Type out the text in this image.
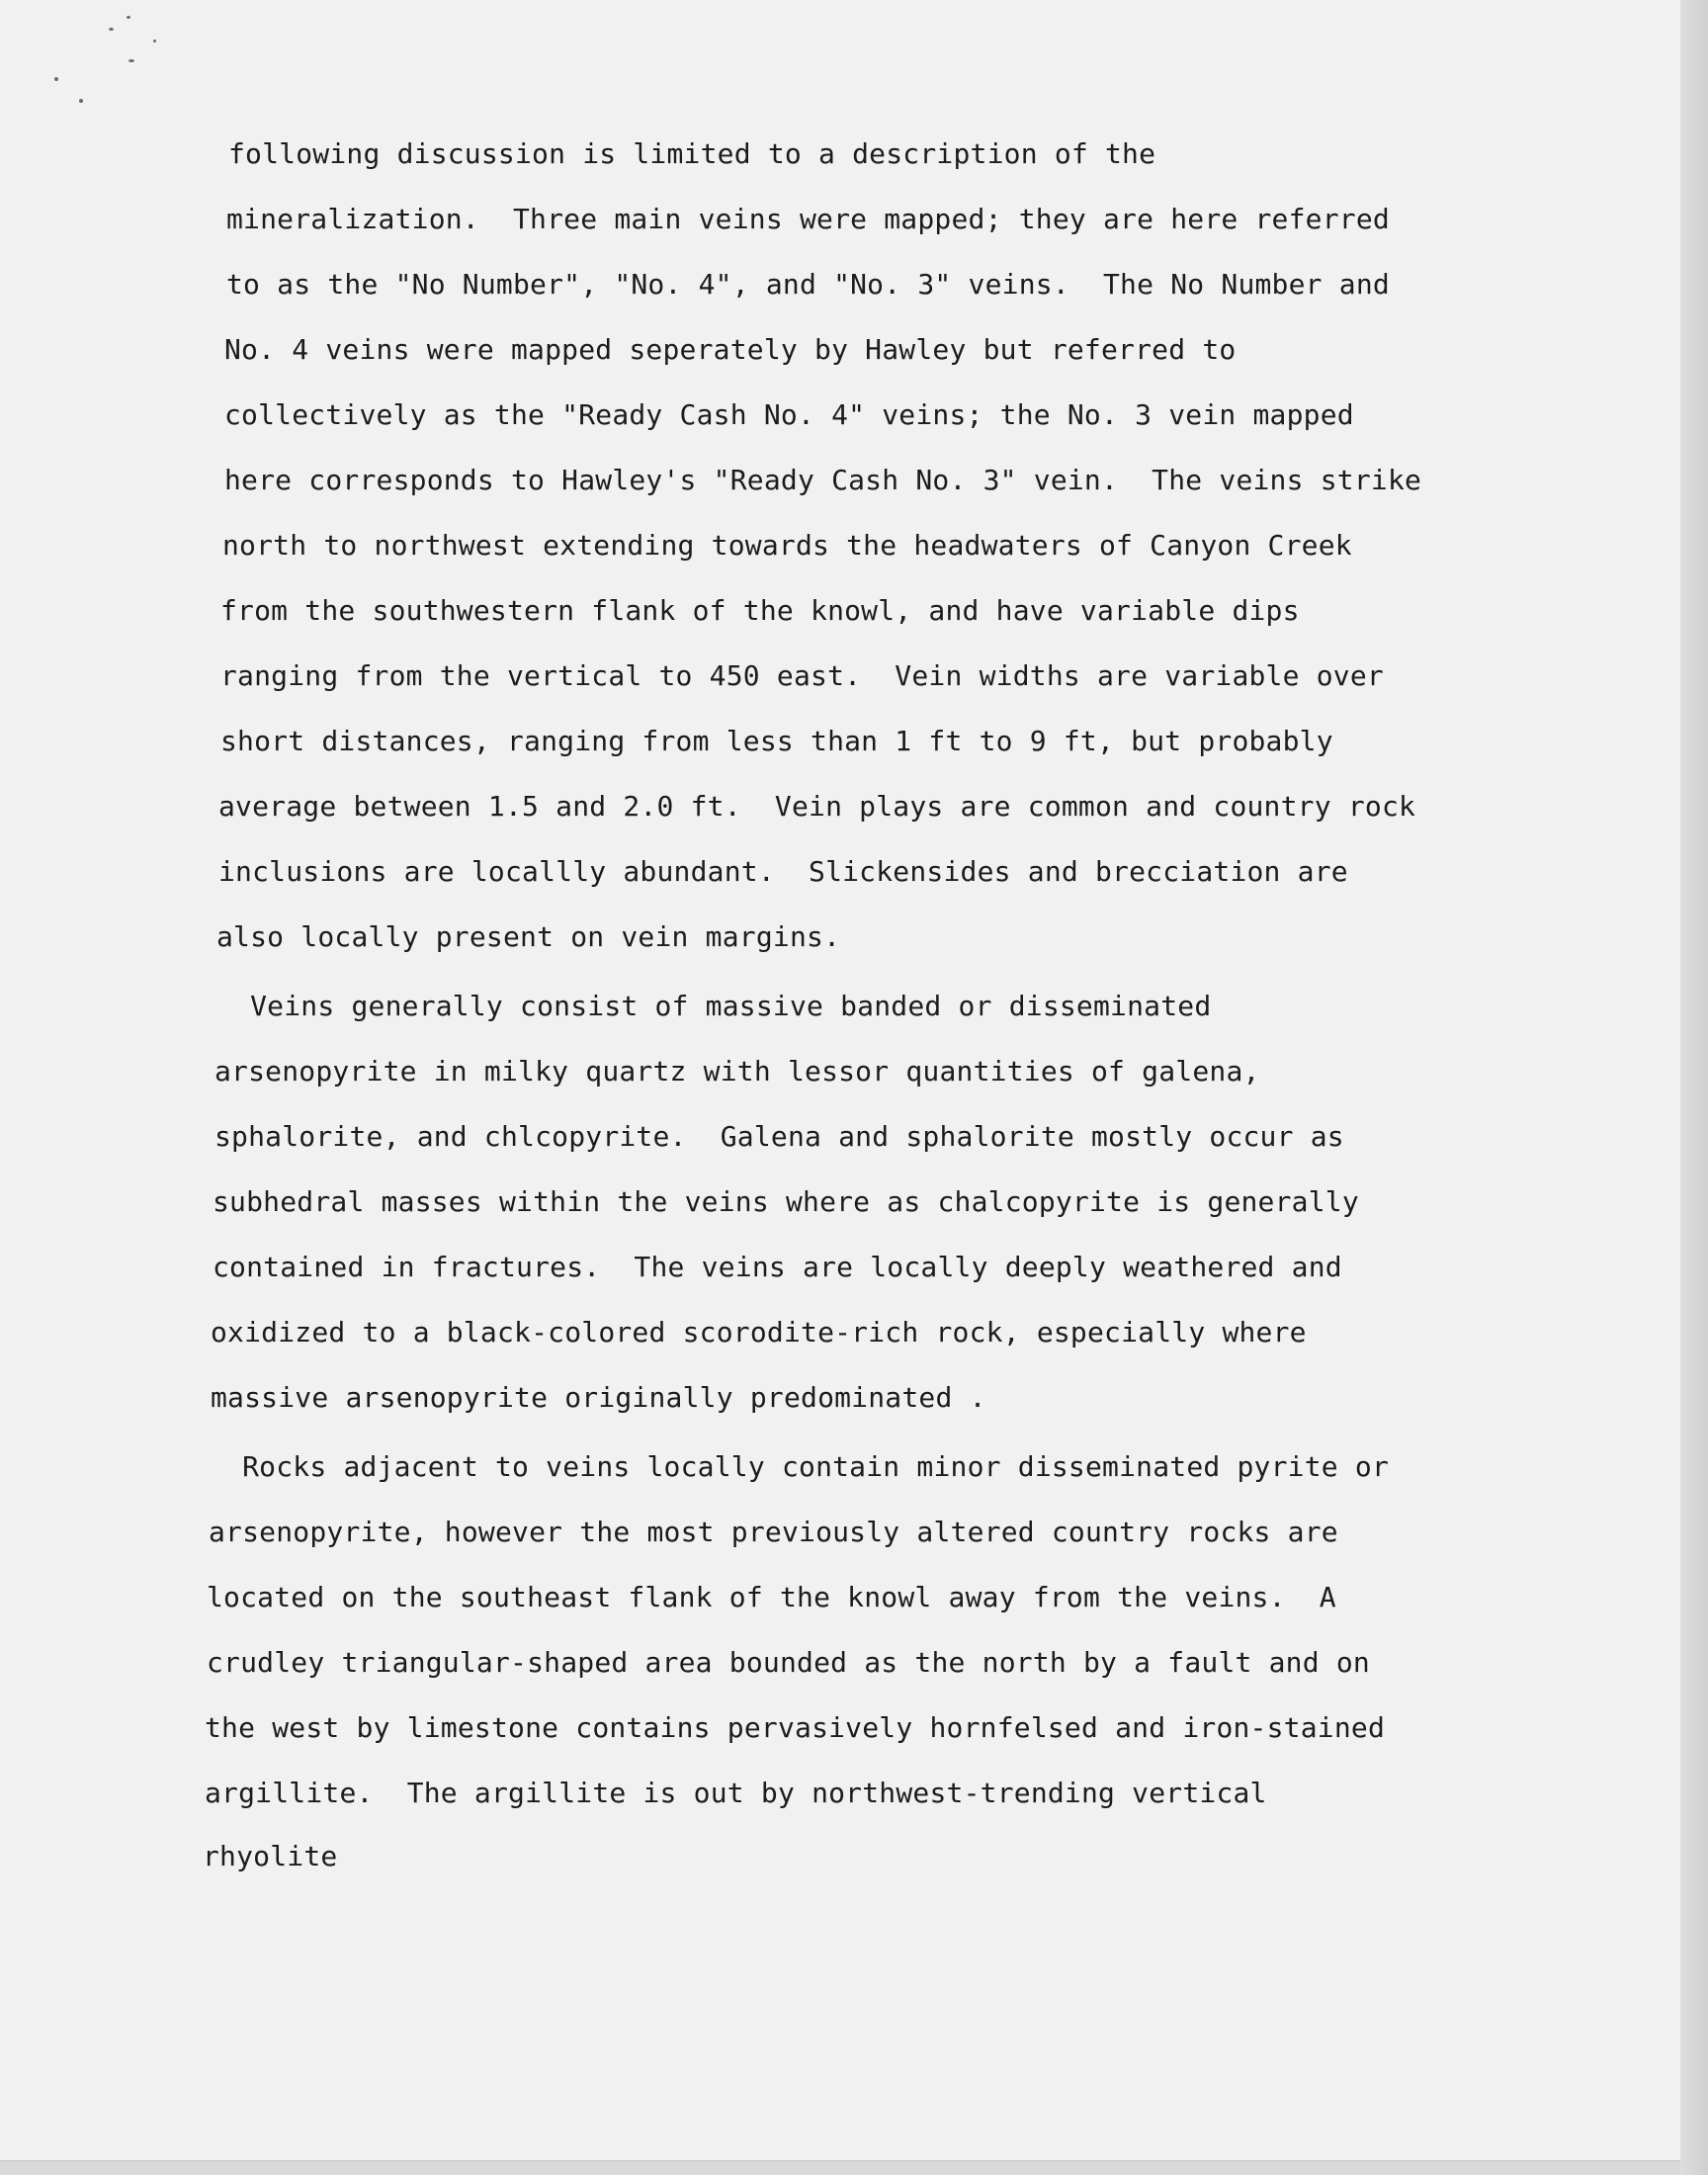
following discussion is limited to a description of the
mineralization.  Three main veins were mapped; they are here referred
to as the "No Number", "No. 4", and "No. 3" veins.  The No Number and
No. 4 veins were mapped seperately by Hawley but referred to
collectively as the "Ready Cash No. 4" veins; the No. 3 vein mapped
here corresponds to Hawley's "Ready Cash No. 3" vein.  The veins strike
north to northwest extending towards the headwaters of Canyon Creek
from the southwestern flank of the knowl, and have variable dips
ranging from the vertical to 450 east.  Vein widths are variable over
short distances, ranging from less than 1 ft to 9 ft, but probably
average between 1.5 and 2.0 ft.  Vein plays are common and country rock
inclusions are locallly abundant.  Slickensides and brecciation are
also locally present on vein margins.
Veins generally consist of massive banded or disseminated
arsenopyrite in milky quartz with lessor quantities of galena,
sphalorite, and chlcopyrite.  Galena and sphalorite mostly occur as
subhedral masses within the veins where as chalcopyrite is generally
contained in fractures.  The veins are locally deeply weathered and
oxidized to a black-colored scorodite-rich rock, especially where
massive arsenopyrite originally predominated .
Rocks adjacent to veins locally contain minor disseminated pyrite or
arsenopyrite, however the most previously altered country rocks are
located on the southeast flank of the knowl away from the veins.  A
crudley triangular-shaped area bounded as the north by a fault and on
the west by limestone contains pervasively hornfelsed and iron-stained
argillite.  The argillite is out by northwest-trending vertical
rhyolite
